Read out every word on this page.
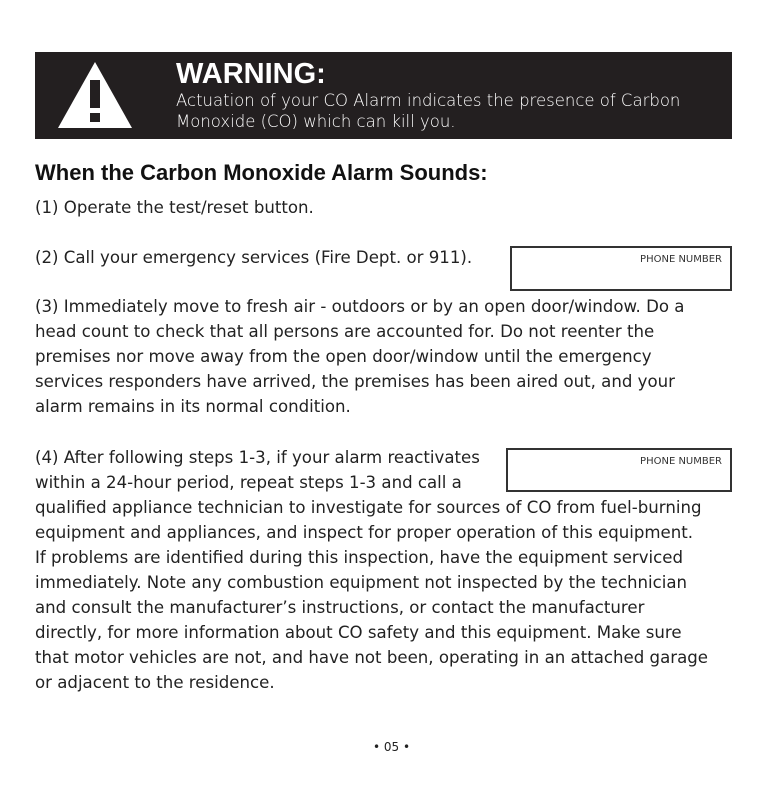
WARNING:
Actuation of your CO Alarm indicates the presence of Carbon
Monoxide (CO) which can kill you.
When the Carbon Monoxide Alarm Sounds:
(1) Operate the test/reset button.
(2) Call your emergency services (Fire Dept. or 911).	PHONE NUMBER
(3) Immediately move to fresh air - outdoors or by an open door/window. Do a
head count to check that all persons are accounted for. Do not reenter the
premises nor move away from the open door/window until the emergency
services responders have arrived, the premises has been aired out, and your
alarm remains in its normal condition.
PHONE NUMBER
(4) After following steps 1-3, if your alarm reactivates
within a 24-hour period, repeat steps 1-3 and call a
qualified appliance technician to investigate for sources of CO from fuel-burning
equipment and appliances, and inspect for proper operation of this equipment.
If problems are identified during this inspection, have the equipment serviced
immediately. Note any combustion equipment not inspected by the technician
and consult the manufacturer’s instructions, or contact the manufacturer
directly, for more information about CO safety and this equipment. Make sure
that motor vehicles are not, and have not been, operating in an attached garage
or adjacent to the residence.
• 05 •
